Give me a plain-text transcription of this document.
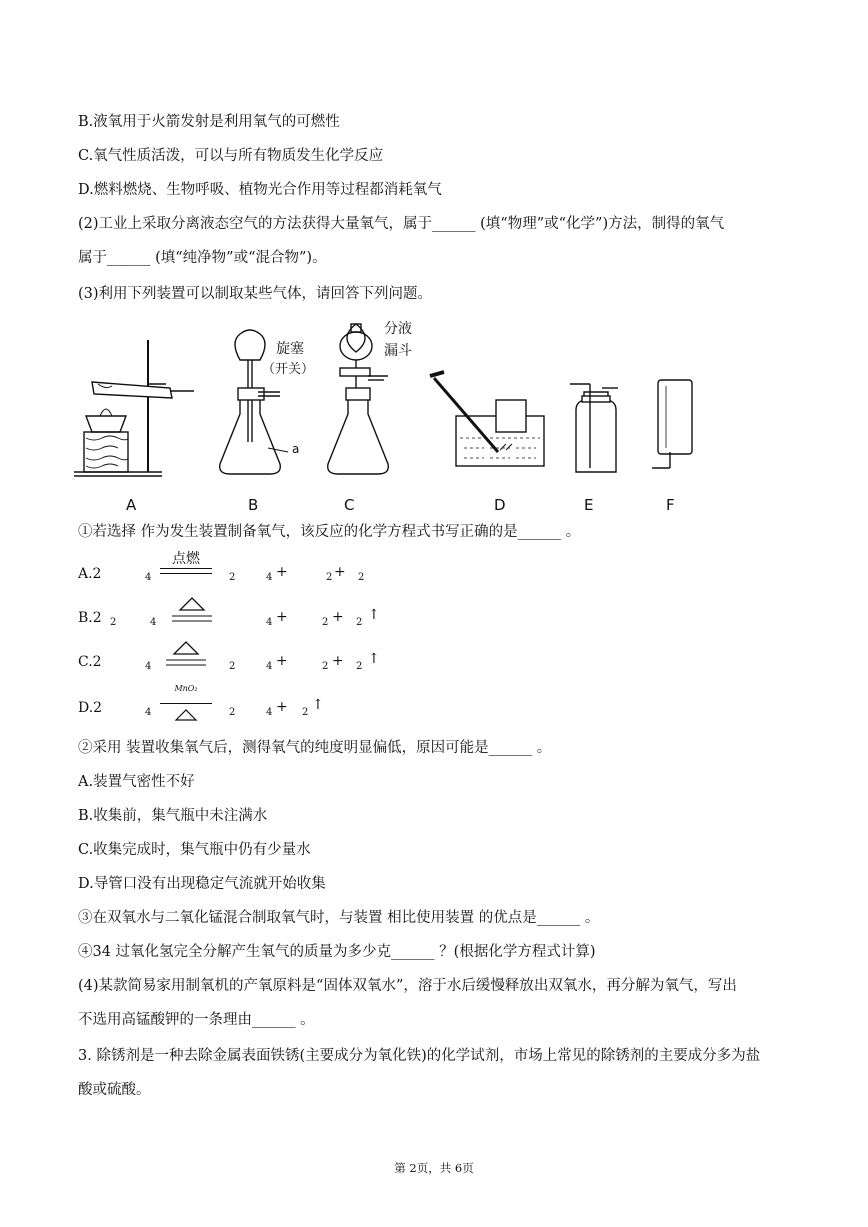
B.液氧用于火箭发射是利用氧气的可燃性
C.氧气性质活泼，可以与所有物质发生化学反应
D.燃料燃烧、生物呼吸、植物光合作用等过程都消耗氧气
(2)工业上采取分离液态空气的方法获得大量氧气，属于______ (填“物理”或“化学”)方法，制得的氧气
属于______ (填“纯净物”或“混合物”)。
(3)利用下列装置可以制取某些气体，请回答下列问题。
旋塞
（开关）
分液
漏斗
a
A	B	C	D	E	F
①若选择 作为发生装置制备氧气，该反应的化学方程式书写正确的是______ 。
A.2	4
点燃
2	4 +	2 + 2
B.2 2	4	4 +	2 + 2 ↑
C.2	4	2	4 +	2 + 2 ↑
D.2	4
MnO₂
2	4 + 2 ↑
②采用 装置收集氧气后，测得氧气的纯度明显偏低，原因可能是______ 。
A.装置气密性不好
B.收集前，集气瓶中未注满水
C.收集完成时，集气瓶中仍有少量水
D.导管口没有出现稳定气流就开始收集
③在双氧水与二氧化锰混合制取氧气时，与装置 相比使用装置 的优点是______ 。
④34 过氧化氢完全分解产生氧气的质量为多少克______ ？(根据化学方程式计算)
(4)某款简易家用制氧机的产氧原料是“固体双氧水”，溶于水后缓慢释放出双氧水，再分解为氧气，写出
不选用高锰酸钾的一条理由______ 。
3. 除锈剂是一种去除金属表面铁锈(主要成分为氧化铁)的化学试剂，市场上常见的除锈剂的主要成分多为盐
酸或硫酸。
第 2页，共 6页
